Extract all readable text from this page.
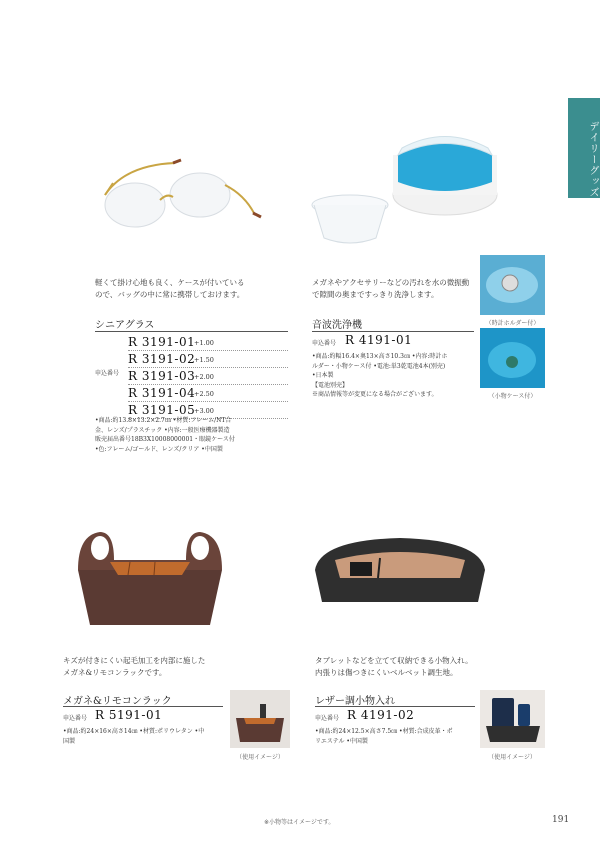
デイリーグッズ
（時計ホルダー付）
（小物ケース付）
軽くて掛け心地も良く、ケースが付いている
ので、バッグの中に常に携帯しておけます。
シニアグラス
申込番号
R 3191-01
+1.00
R 3191-02
+1.50
R 3191-03
+2.00
R 3191-04
+2.50
R 3191-05
+3.00
•商品:約13.8×13.2×2.7㎝ •材質:フレーム/NT合
金、レンズ/プラスチック •内容:一般医療機器製造
販売届出番号18B3X10008000001・眼鏡ケース付
•色:フレーム/ゴールド、レンズ/クリア •中国製
メガネやアクセサリーなどの汚れを水の微振動
で隙間の奥まですっきり洗浄します。
音波洗浄機
申込番号 R 4191-01
•商品:約幅16.4×奥13×高さ10.3㎝ •内容:時計ホ
ルダー・小物ケース付 •電池:単3乾電池4本(別売)
•日本製
【電池別売】
※商品情報等が変更になる場合がございます。
キズが付きにくい起毛加工を内部に施した
メガネ&リモコンラックです。
メガネ&リモコンラック
申込番号 R 5191-01
•商品:約24×16×高さ14㎝ •材質:ポリウレタン •中
国製
（使用イメージ）
タブレットなどを立てて収納できる小物入れ。
内張りは傷つきにくいベルベット調生地。
レザー調小物入れ
申込番号 R 4191-02
•商品:約24×12.5×高さ7.5㎝ •材質:合成皮革・ポ
リエステル •中国製
（使用イメージ）
※小物等はイメージです。	191
